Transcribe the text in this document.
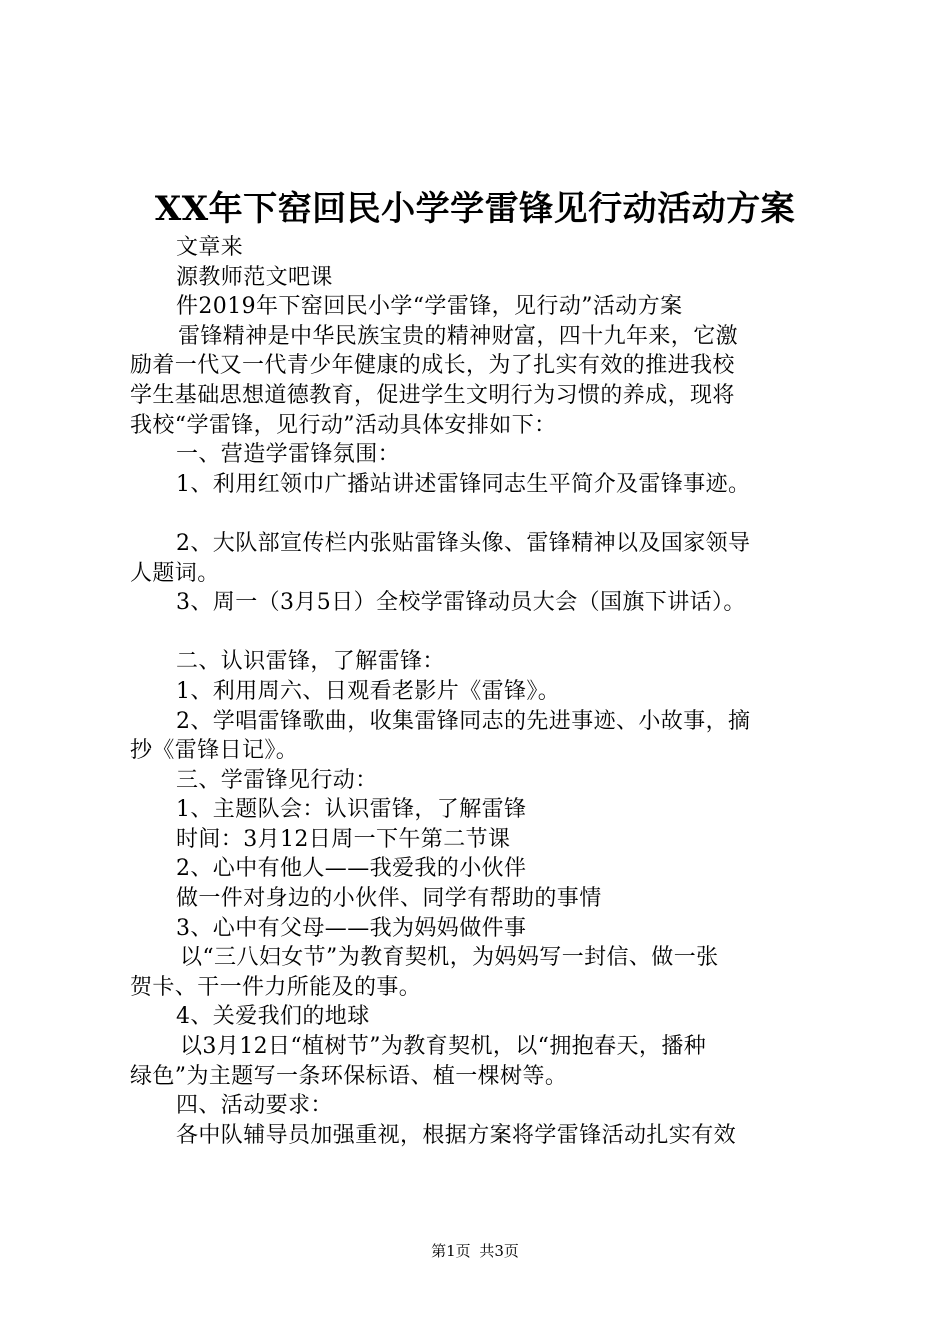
XX年下窑回民小学学雷锋见行动活动方案
文章来
源教师范文吧课
件2019年下窑回民小学“学雷锋，见行动”活动方案
雷锋精神是中华民族宝贵的精神财富，四十九年来，它激
励着一代又一代青少年健康的成长，为了扎实有效的推进我校
学生基础思想道德教育，促进学生文明行为习惯的养成，现将
我校“学雷锋，见行动”活动具体安排如下：
一、营造学雷锋氛围：
1、利用红领巾广播站讲述雷锋同志生平简介及雷锋事迹。
2、大队部宣传栏内张贴雷锋头像、雷锋精神以及国家领导
人题词。
3、周一（3月5日）全校学雷锋动员大会（国旗下讲话）。
二、认识雷锋，了解雷锋：
1、利用周六、日观看老影片《雷锋》。
2、学唱雷锋歌曲，收集雷锋同志的先进事迹、小故事，摘
抄《雷锋日记》。
三、学雷锋见行动：
1、主题队会：认识雷锋，了解雷锋
时间：3月12日周一下午第二节课
2、心中有他人——我爱我的小伙伴
做一件对身边的小伙伴、同学有帮助的事情
3、心中有父母——我为妈妈做件事
以“三八妇女节”为教育契机，为妈妈写一封信、做一张
贺卡、干一件力所能及的事。
4、关爱我们的地球
以3月12日“植树节”为教育契机，以“拥抱春天，播种
绿色”为主题写一条环保标语、植一棵树等。
四、活动要求：
各中队辅导员加强重视，根据方案将学雷锋活动扎实有效
第1页 共3页
